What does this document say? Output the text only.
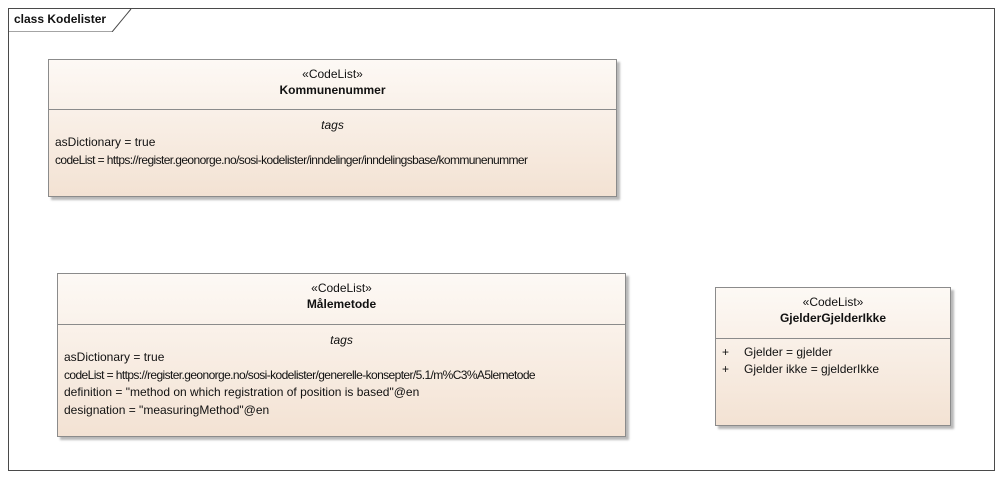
class Kodelister
«CodeList»
Kommunenummer
tags
asDictionary = true
codeList = https://register.geonorge.no/sosi-kodelister/inndelinger/inndelingsbase/kommunenummer
«CodeList»
Målemetode
tags
asDictionary = true
codeList = https://register.geonorge.no/sosi-kodelister/generelle-konsepter/5.1/m%C3%A5lemetode
definition = "method on which registration of position is based"@en
designation = "measuringMethod"@en
«CodeList»
GjelderGjelderIkke
+ Gjelder = gjelder
+ Gjelder ikke = gjelderIkke
